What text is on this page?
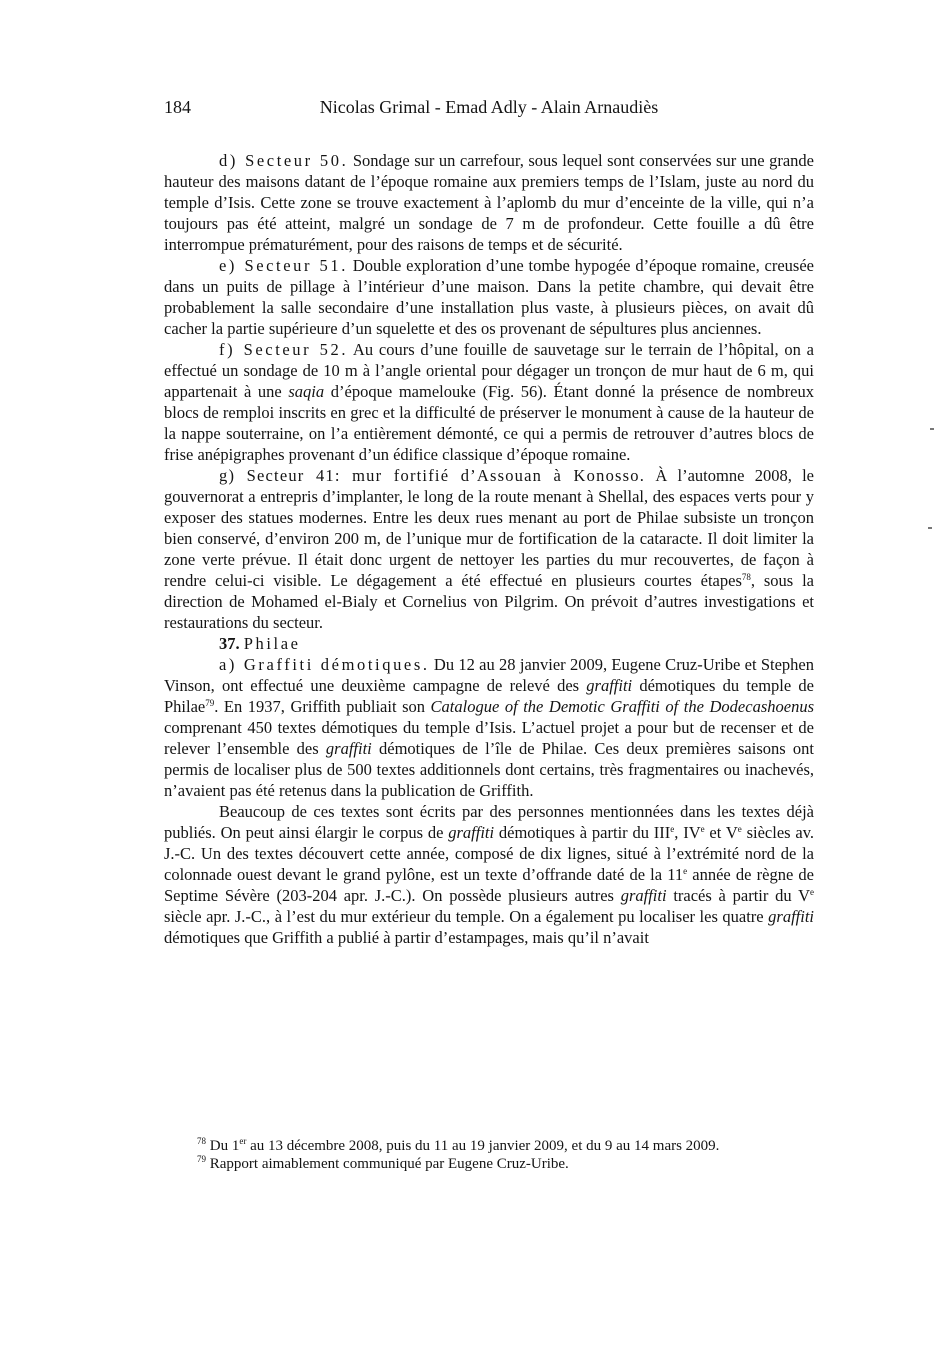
184	Nicolas Grimal - Emad Adly - Alain Arnaudiès

d) Secteur 50. Sondage sur un carrefour, sous lequel sont conservées sur une grande hauteur des maisons datant de l’époque romaine aux premiers temps de l’Islam, juste au nord du temple d’Isis. Cette zone se trouve exactement à l’aplomb du mur d’enceinte de la ville, qui n’a toujours pas été atteint, malgré un sondage de 7 m de profondeur. Cette fouille a dû être interrompue prématurément, pour des raisons de temps et de sécurité.

e) Secteur 51. Double exploration d’une tombe hypogée d’époque romaine, creusée dans un puits de pillage à l’intérieur d’une maison. Dans la petite chambre, qui devait être probablement la salle secondaire d’une installation plus vaste, à plusieurs pièces, on avait dû cacher la partie supérieure d’un squelette et des os provenant de sépultures plus anciennes.

f) Secteur 52. Au cours d’une fouille de sauvetage sur le terrain de l’hôpital, on a effectué un sondage de 10 m à l’angle oriental pour dégager un tronçon de mur haut de 6 m, qui appartenait à une saqia d’époque mamelouke (Fig. 56). Étant donné la présence de nombreux blocs de remploi inscrits en grec et la difficulté de préserver le monument à cause de la hauteur de la nappe souterraine, on l’a entièrement démonté, ce qui a permis de retrouver d’autres blocs de frise anépigraphes provenant d’un édifice classique d’époque romaine.

g) Secteur 41: mur fortifié d’Assouan à Konosso. À l’automne 2008, le gouvernorat a entrepris d’implanter, le long de la route menant à Shellal, des espaces verts pour y exposer des statues modernes. Entre les deux rues menant au port de Philae subsiste un tronçon bien conservé, d’environ 200 m, de l’unique mur de fortification de la cataracte. Il doit limiter la zone verte prévue. Il était donc urgent de nettoyer les parties du mur recouvertes, de façon à rendre celui-ci visible. Le dégagement a été effectué en plusieurs courtes étapes$^{78}$, sous la direction de Mohamed el-Bialy et Cornelius von Pilgrim. On prévoit d’autres investigations et restaurations du secteur.

37. Philae

a) Graffiti démotiques. Du 12 au 28 janvier 2009, Eugene Cruz-Uribe et Stephen Vinson, ont effectué une deuxième campagne de relevé des graffiti démotiques du temple de Philae$^{79}$. En 1937, Griffith publiait son Catalogue of the Demotic Graffiti of the Dodecashoenus comprenant 450 textes démotiques du temple d’Isis. L’actuel projet a pour but de recenser et de relever l’ensemble des graffiti démotiques de l’île de Philae. Ces deux premières saisons ont permis de localiser plus de 500 textes additionnels dont certains, très fragmentaires ou inachevés, n’avaient pas été retenus dans la publication de Griffith.

Beaucoup de ces textes sont écrits par des personnes mentionnées dans les textes déjà publiés. On peut ainsi élargir le corpus de graffiti démotiques à partir du IIIe, IVe et Ve siècles av. J.-C. Un des textes découvert cette année, composé de dix lignes, situé à l’extrémité nord de la colonnade ouest devant le grand pylône, est un texte d’offrande daté de la 11e année de règne de Septime Sévère (203-204 apr. J.-C.). On possède plusieurs autres graffiti tracés à partir du Ve siècle apr. J.-C., à l’est du mur extérieur du temple. On a également pu localiser les quatre graffiti démotiques que Griffith a publié à partir d’estampages, mais qu’il n’avait

$^{78}$ Du 1er au 13 décembre 2008, puis du 11 au 19 janvier 2009, et du 9 au 14 mars 2009.
$^{79}$ Rapport aimablement communiqué par Eugene Cruz-Uribe.
